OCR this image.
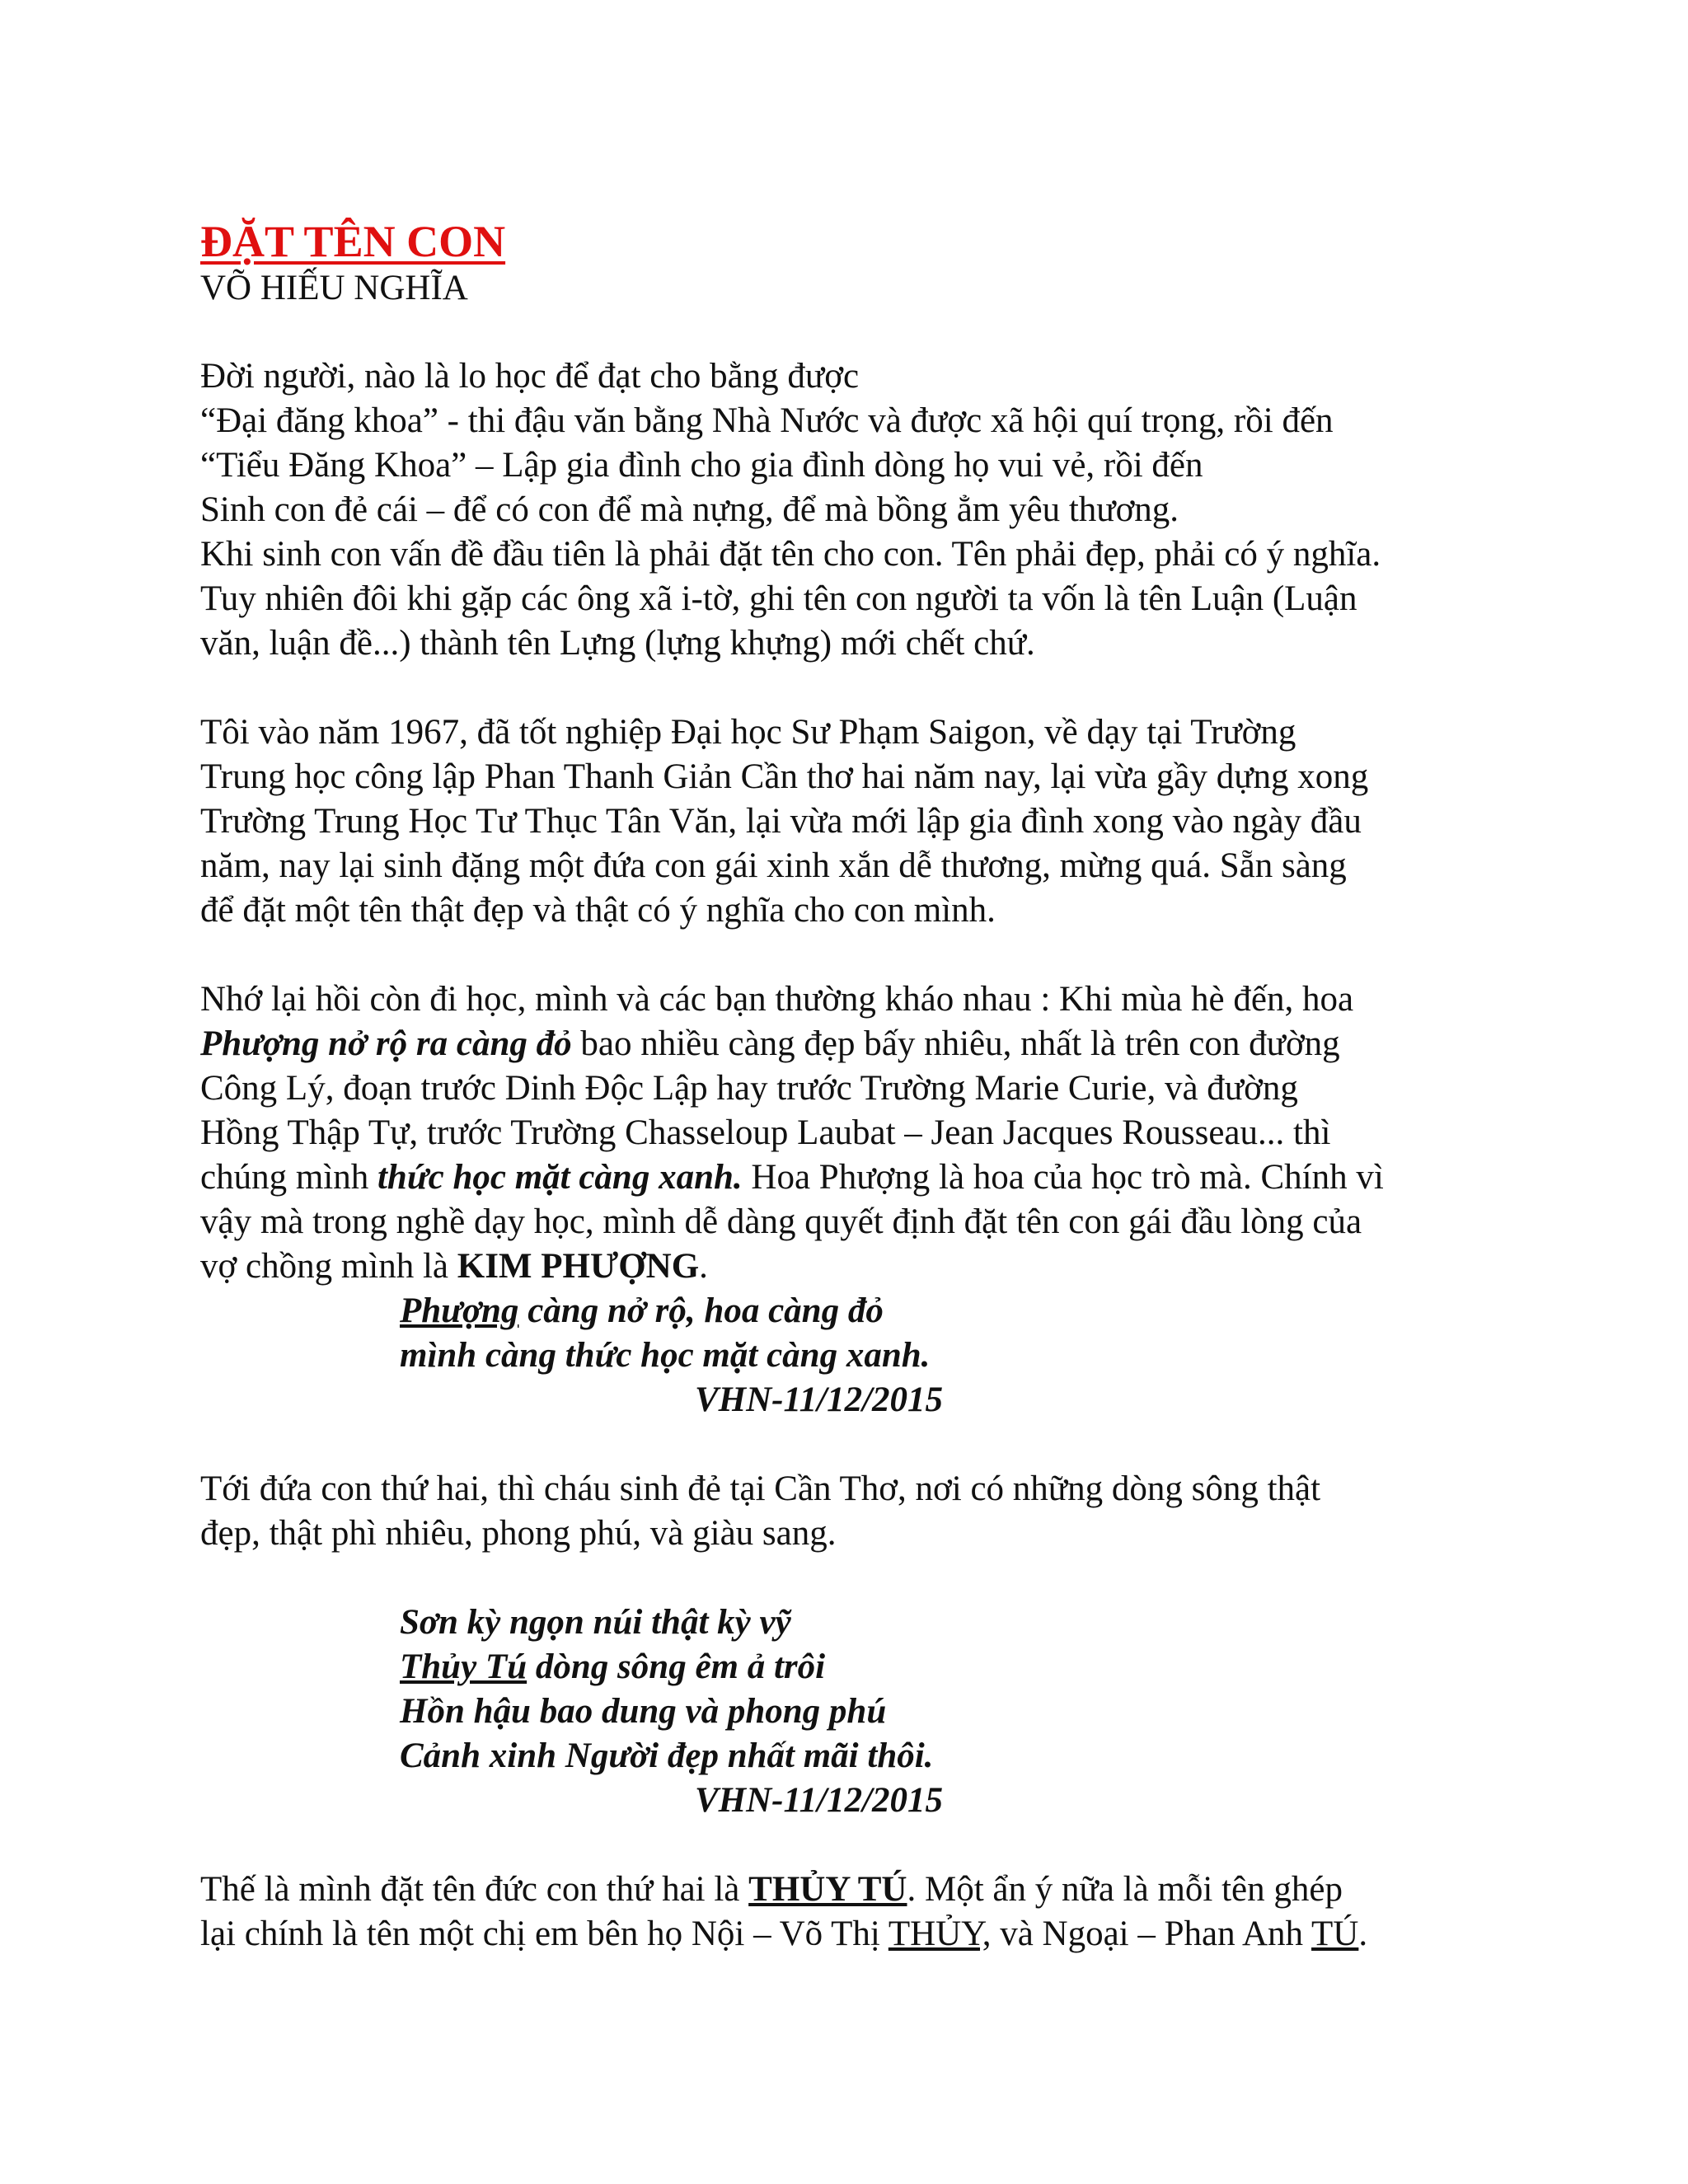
ĐẶT TÊN CON

VÕ HIẾU NGHĨA

Đời người, nào là lo học để đạt cho bằng được

“Đại đăng khoa” - thi đậu văn bằng Nhà Nước và được xã hội quí trọng, rồi đến

“Tiểu Đăng Khoa” – Lập gia đình cho gia đình dòng họ vui vẻ, rồi đến

Sinh con đẻ cái – để có con để mà nựng, để mà bồng ẳm yêu thương.

Khi sinh con vấn đề đầu tiên là phải đặt tên cho con. Tên phải đẹp, phải có ý nghĩa.

Tuy nhiên đôi khi gặp các ông xã i-tờ, ghi tên con người ta vốn là tên Luận (Luận

văn, luận đề...) thành tên Lựng (lựng khựng) mới chết chứ.

Tôi vào năm 1967, đã tốt nghiệp Đại học Sư Phạm Saigon, về dạy tại Trường

Trung học công lập Phan Thanh Giản Cần thơ hai năm nay, lại vừa gầy dựng xong

Trường Trung Học Tư Thục Tân Văn, lại vừa mới lập gia đình xong vào ngày đầu

năm, nay lại sinh đặng một đứa con gái xinh xắn dễ thương, mừng quá. Sẵn sàng

để đặt một tên thật đẹp và thật có ý nghĩa cho con mình.

Nhớ lại hồi còn đi học, mình và các bạn thường kháo nhau : Khi mùa hè đến, hoa

Phượng nở rộ ra càng đỏ bao nhiều càng đẹp bấy nhiêu, nhất là trên con đường

Công Lý, đoạn trước Dinh Độc Lập hay trước Trường Marie Curie, và đường

Hồng Thập Tự, trước Trường Chasseloup Laubat – Jean Jacques Rousseau... thì

chúng mình thức học mặt càng xanh. Hoa Phượng là hoa của học trò mà. Chính vì

vậy mà trong nghề dạy học, mình dễ dàng quyết định đặt tên con gái đầu lòng của

vợ chồng mình là KIM PHƯỢNG.

Phượng càng nở rộ, hoa càng đỏ

mình càng thức học mặt càng xanh.

VHN-11/12/2015

Tới đứa con thứ hai, thì cháu sinh đẻ tại Cần Thơ, nơi có những dòng sông thật

đẹp, thật phì nhiêu, phong phú, và giàu sang.

Sơn kỳ ngọn núi thật kỳ vỹ

Thủy Tú dòng sông êm ả trôi

Hồn hậu bao dung và phong phú

Cảnh xinh Người đẹp nhất mãi thôi.

VHN-11/12/2015

Thế là mình đặt tên đức con thứ hai là THỦY TÚ. Một ẩn ý nữa là mỗi tên ghép

lại chính là tên một chị em bên họ Nội – Võ Thị THỦY, và Ngoại – Phan Anh TÚ.
